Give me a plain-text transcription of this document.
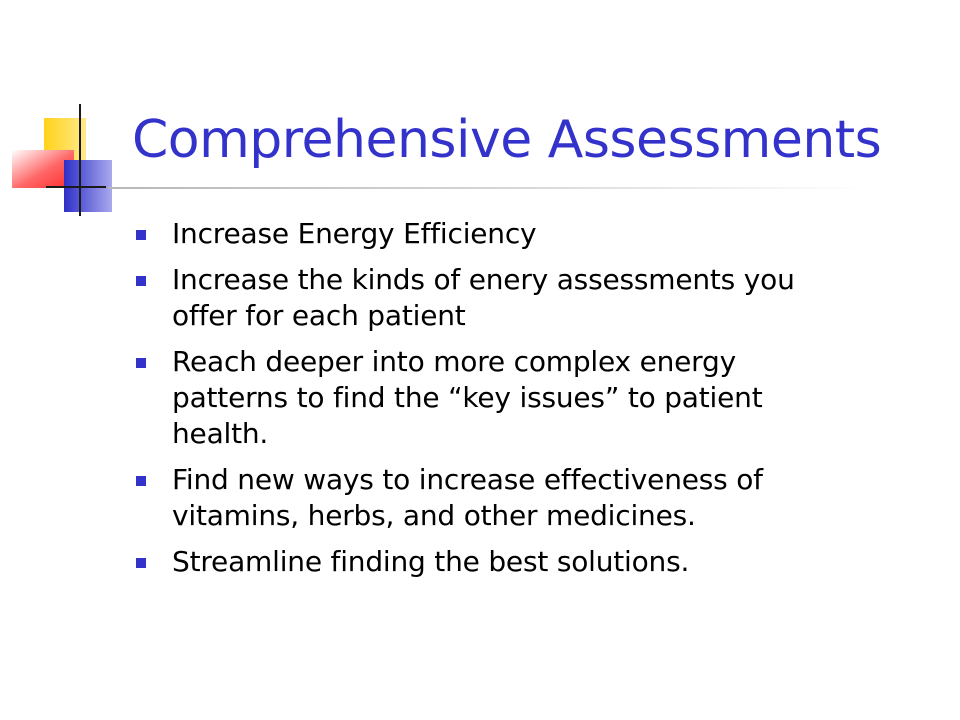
Comprehensive Assessments
Increase Energy Efficiency
Increase the kinds of enery assessments you offer for each patient
Reach deeper into more complex energy patterns to find the “key issues” to patient health.
Find new ways to increase effectiveness of vitamins, herbs, and other medicines.
Streamline finding the best solutions.
